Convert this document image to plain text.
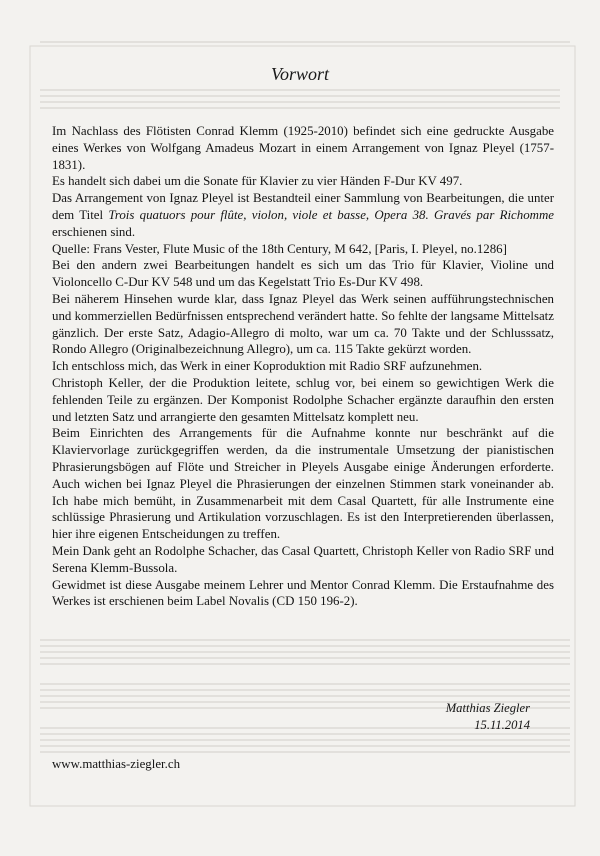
Vorwort

Im Nachlass des Flötisten Conrad Klemm (1925-2010) befindet sich eine gedruckte Ausgabe eines Werkes von Wolfgang Amadeus Mozart in einem Arrangement von Ignaz Pleyel (1757-1831).

Es handelt sich dabei um die Sonate für Klavier zu vier Händen F-Dur KV 497.

Das Arrangement von Ignaz Pleyel ist Bestandteil einer Sammlung von Bearbeitungen, die unter dem Titel Trois quatuors pour flûte, violon, viole et basse, Opera 38. Gravés par Richomme erschienen sind.

Quelle: Frans Vester, Flute Music of the 18th Century, M 642, [Paris, I. Pleyel, no.1286]

Bei den andern zwei Bearbeitungen handelt es sich um das Trio für Klavier, Violine und Violoncello C-Dur KV 548 und um das Kegelstatt Trio Es-Dur KV 498.

Bei näherem Hinsehen wurde klar, dass Ignaz Pleyel das Werk seinen aufführungstechnischen und kommerziellen Bedürfnissen entsprechend verändert hatte. So fehlte der langsame Mittelsatz gänzlich. Der erste Satz, Adagio-Allegro di molto, war um ca. 70 Takte und der Schlusssatz, Rondo Allegro (Originalbezeichnung Allegro), um ca. 115 Takte gekürzt worden.

Ich entschloss mich, das Werk in einer Koproduktion mit Radio SRF aufzunehmen.

Christoph Keller, der die Produktion leitete, schlug vor, bei einem so gewichtigen Werk die fehlenden Teile zu ergänzen. Der Komponist Rodolphe Schacher ergänzte daraufhin den ersten und letzten Satz und arrangierte den gesamten Mittelsatz komplett neu.

Beim Einrichten des Arrangements für die Aufnahme konnte nur beschränkt auf die Klaviervorlage zurückgegriffen werden, da die instrumentale Umsetzung der pianistischen Phrasierungsbögen auf Flöte und Streicher in Pleyels Ausgabe einige Änderungen erforderte. Auch wichen bei Ignaz Pleyel die Phrasierungen der einzelnen Stimmen stark voneinander ab. Ich habe mich bemüht, in Zusammenarbeit mit dem Casal Quartett, für alle Instrumente eine schlüssige Phrasierung und Artikulation vorzuschlagen. Es ist den Interpretierenden überlassen, hier ihre eigenen Entscheidungen zu treffen.

Mein Dank geht an Rodolphe Schacher, das Casal Quartett, Christoph Keller von Radio SRF und Serena Klemm-Bussola.

Gewidmet ist diese Ausgabe meinem Lehrer und Mentor Conrad Klemm. Die Erstaufnahme des Werkes ist erschienen beim Label Novalis (CD 150 196-2).

Matthias Ziegler
15.11.2014
www.matthias-ziegler.ch
